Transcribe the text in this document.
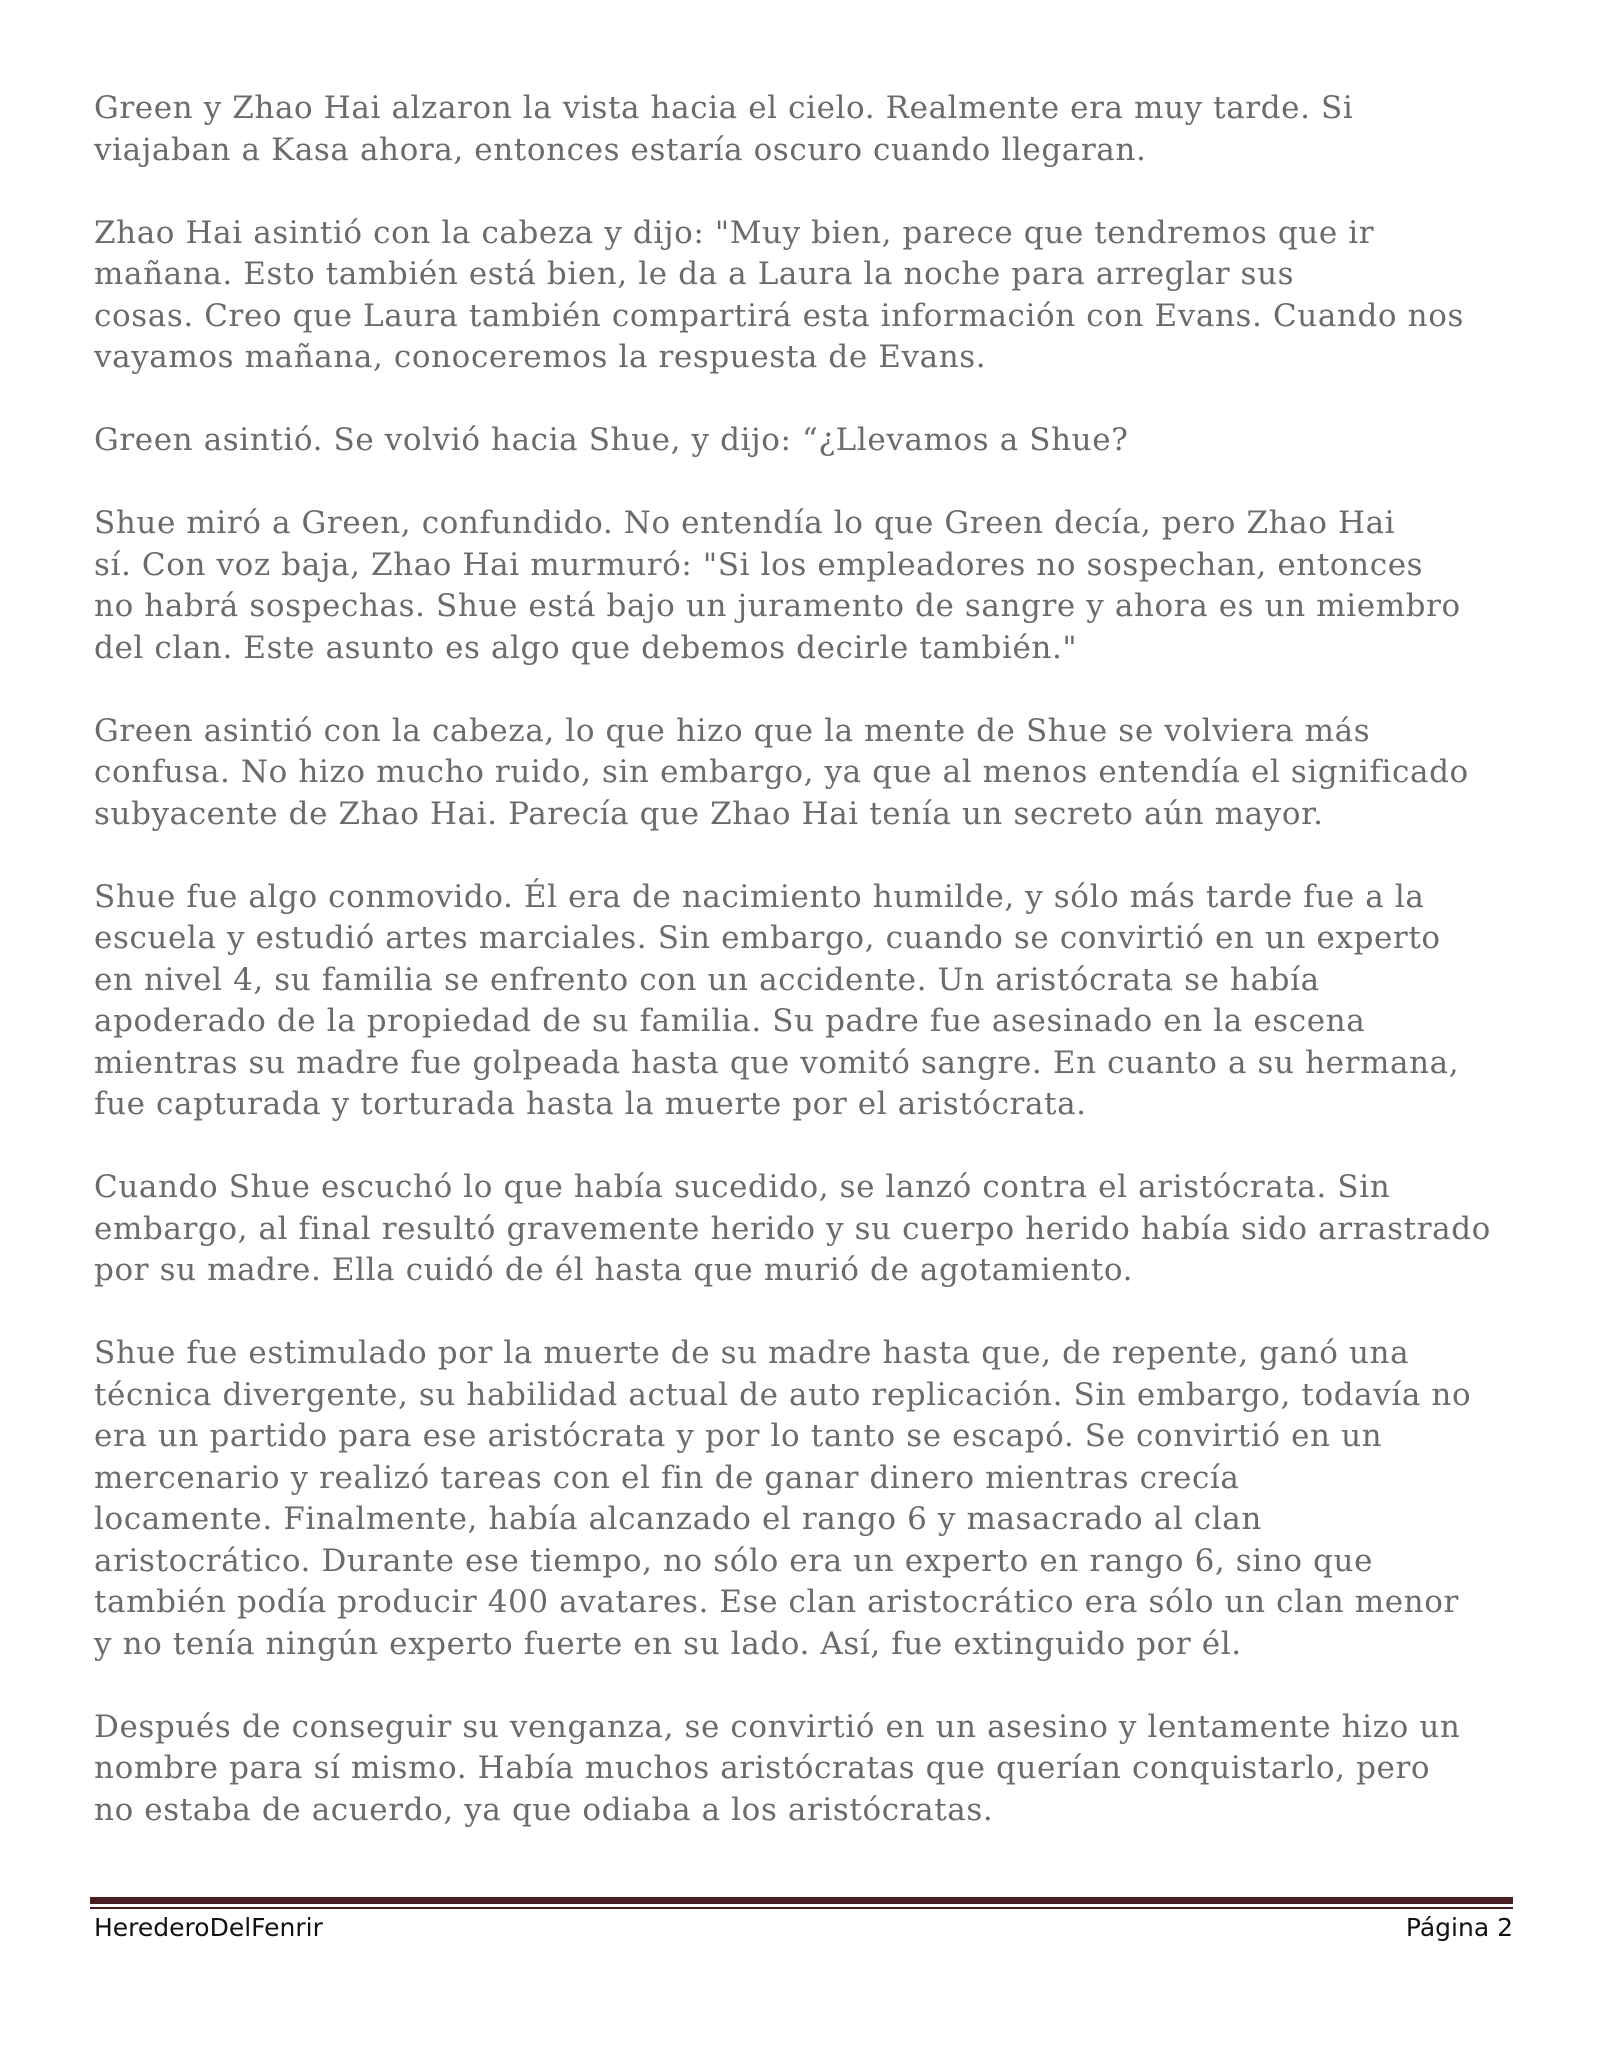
Green y Zhao Hai alzaron la vista hacia el cielo. Realmente era muy tarde. Si
viajaban a Kasa ahora, entonces estaría oscuro cuando llegaran.

Zhao Hai asintió con la cabeza y dijo: "Muy bien, parece que tendremos que ir
mañana. Esto también está bien, le da a Laura la noche para arreglar sus
cosas. Creo que Laura también compartirá esta información con Evans. Cuando nos
vayamos mañana, conoceremos la respuesta de Evans.

Green asintió. Se volvió hacia Shue, y dijo: “¿Llevamos a Shue?

Shue miró a Green, confundido. No entendía lo que Green decía, pero Zhao Hai
sí. Con voz baja, Zhao Hai murmuró: "Si los empleadores no sospechan, entonces
no habrá sospechas. Shue está bajo un juramento de sangre y ahora es un miembro
del clan. Este asunto es algo que debemos decirle también."

Green asintió con la cabeza, lo que hizo que la mente de Shue se volviera más
confusa. No hizo mucho ruido, sin embargo, ya que al menos entendía el significado
subyacente de Zhao Hai. Parecía que Zhao Hai tenía un secreto aún mayor.

Shue fue algo conmovido. Él era de nacimiento humilde, y sólo más tarde fue a la
escuela y estudió artes marciales. Sin embargo, cuando se convirtió en un experto
en nivel 4, su familia se enfrento con un accidente. Un aristócrata se había
apoderado de la propiedad de su familia. Su padre fue asesinado en la escena
mientras su madre fue golpeada hasta que vomitó sangre. En cuanto a su hermana,
fue capturada y torturada hasta la muerte por el aristócrata.

Cuando Shue escuchó lo que había sucedido, se lanzó contra el aristócrata. Sin
embargo, al final resultó gravemente herido y su cuerpo herido había sido arrastrado
por su madre. Ella cuidó de él hasta que murió de agotamiento.

Shue fue estimulado por la muerte de su madre hasta que, de repente, ganó una
técnica divergente, su habilidad actual de auto replicación. Sin embargo, todavía no
era un partido para ese aristócrata y por lo tanto se escapó. Se convirtió en un
mercenario y realizó tareas con el fin de ganar dinero mientras crecía
locamente. Finalmente, había alcanzado el rango 6 y masacrado al clan
aristocrático. Durante ese tiempo, no sólo era un experto en rango 6, sino que
también podía producir 400 avatares. Ese clan aristocrático era sólo un clan menor
y no tenía ningún experto fuerte en su lado. Así, fue extinguido por él.

Después de conseguir su venganza, se convirtió en un asesino y lentamente hizo un
nombre para sí mismo. Había muchos aristócratas que querían conquistarlo, pero
no estaba de acuerdo, ya que odiaba a los aristócratas.

HerederoDelFenrir	Página 2
